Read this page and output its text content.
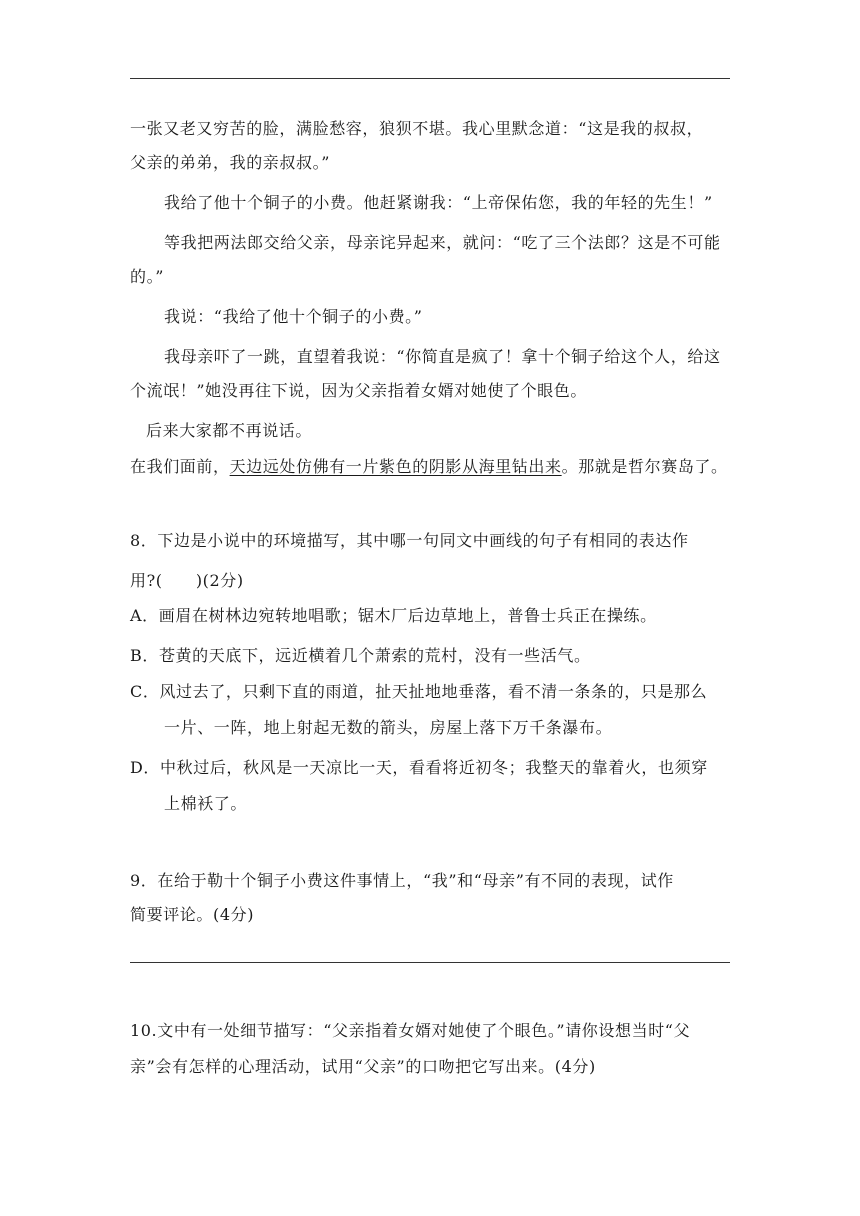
一张又老又穷苦的脸，满脸愁容，狼狈不堪。我心里默念道：“这是我的叔叔，
父亲的弟弟，我的亲叔叔。”
我给了他十个铜子的小费。他赶紧谢我：“上帝保佑您，我的年轻的先生！”
等我把两法郎交给父亲，母亲诧异起来，就问：“吃了三个法郎？这是不可能
的。”
我说：“我给了他十个铜子的小费。”
我母亲吓了一跳，直望着我说：“你简直是疯了！拿十个铜子给这个人，给这
个流氓！”她没再往下说，因为父亲指着女婿对她使了个眼色。
后来大家都不再说话。
在我们面前，天边远处仿佛有一片紫色的阴影从海里钻出来。那就是哲尔赛岛了。
8．下边是小说中的环境描写，其中哪一句同文中画线的句子有相同的表达作
用?(　　)(2分)
A．画眉在树林边宛转地唱歌；锯木厂后边草地上，普鲁士兵正在操练。
B．苍黄的天底下，远近横着几个萧索的荒村，没有一些活气。
C．风过去了，只剩下直的雨道，扯天扯地地垂落，看不清一条条的，只是那么
一片、一阵，地上射起无数的箭头，房屋上落下万千条瀑布。
D．中秋过后，秋风是一天凉比一天，看看将近初冬；我整天的靠着火，也须穿
上棉袄了。
9．在给于勒十个铜子小费这件事情上，“我”和“母亲”有不同的表现，试作
简要评论。(4分)
10.文中有一处细节描写：“父亲指着女婿对她使了个眼色。”请你设想当时“父
亲”会有怎样的心理活动，试用“父亲”的口吻把它写出来。(4分)
